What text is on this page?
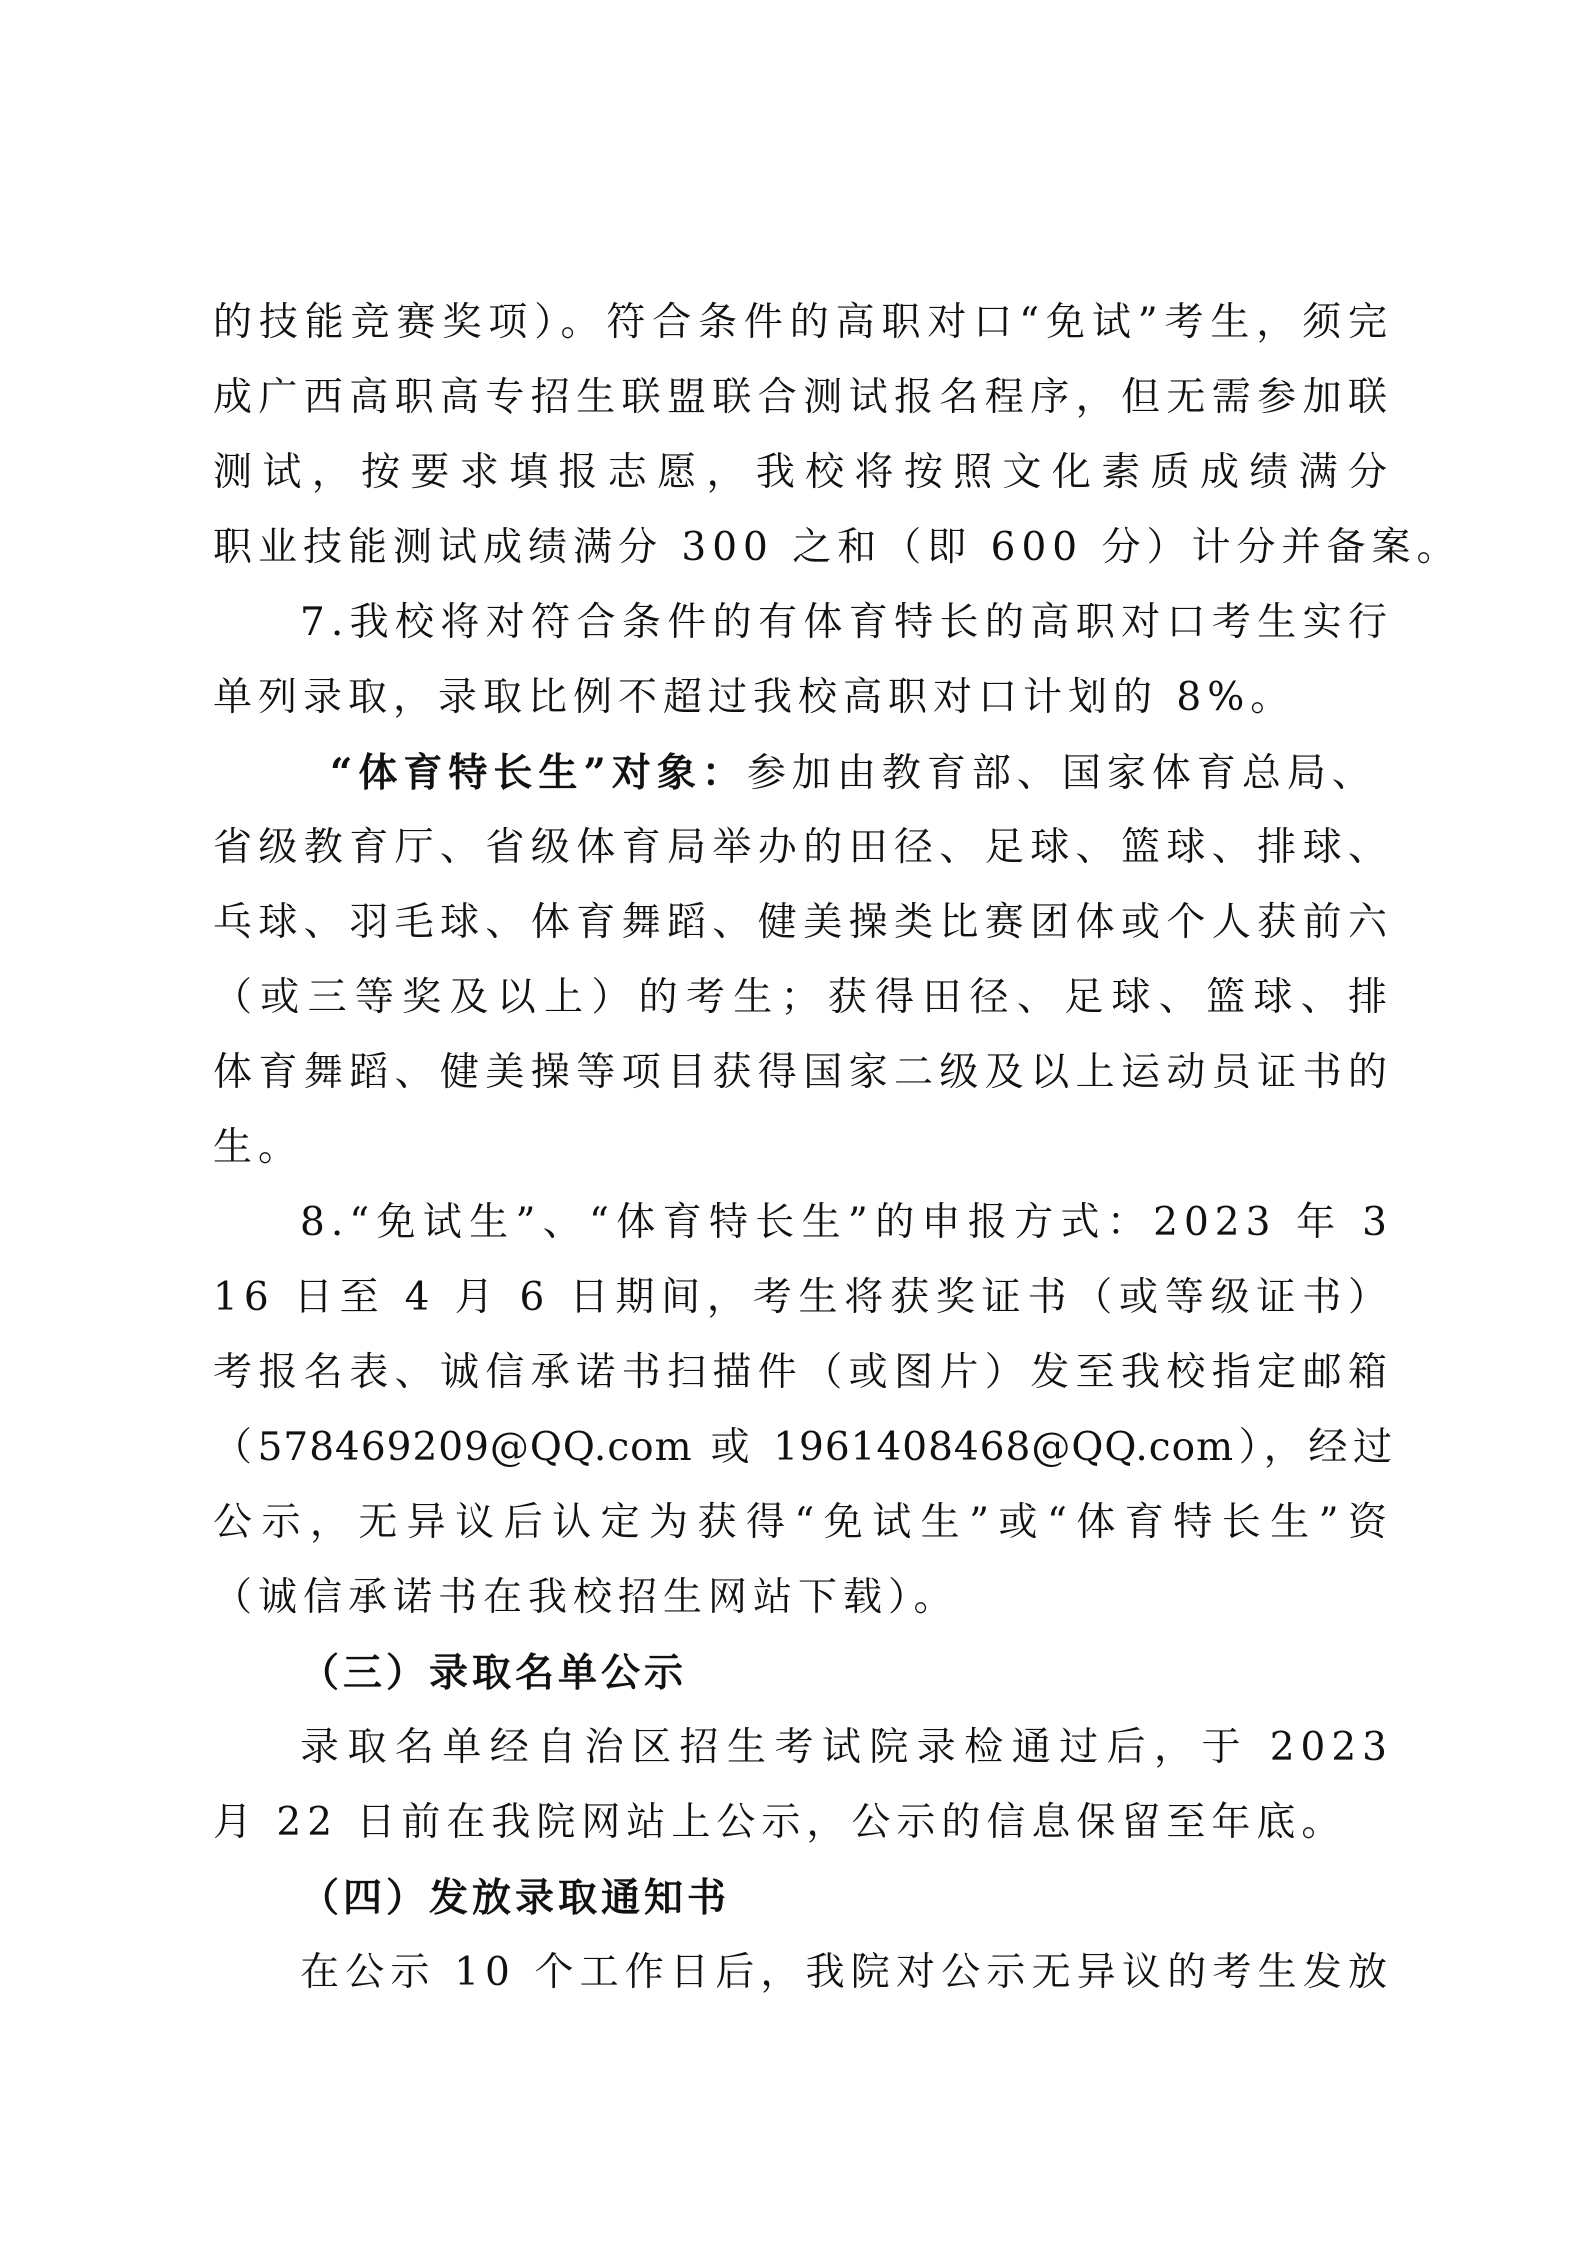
的技能竞赛奖项）。符合条件的高职对口“免试”考生，须完
成广西高职高专招生联盟联合测试报名程序，但无需参加联
测试，按要求填报志愿，我校将按照文化素质成绩满分
职业技能测试成绩满分 300 之和（即 600 分）计分并备案。
7.我校将对符合条件的有体育特长的高职对口考生实行
单列录取，录取比例不超过我校高职对口计划的 8%。
“体育特长生”对象：参加由教育部、国家体育总局、
省级教育厅、省级体育局举办的田径、足球、篮球、排球、
乓球、羽毛球、体育舞蹈、健美操类比赛团体或个人获前六
（或三等奖及以上）的考生；获得田径、足球、篮球、排
体育舞蹈、健美操等项目获得国家二级及以上运动员证书的
生。
8.“免试生”、“体育特长生”的申报方式：2023 年 3
16 日至 4 月 6 日期间，考生将获奖证书（或等级证书）
考报名表、诚信承诺书扫描件（或图片）发至我校指定邮箱
（578469209@QQ.com 或 1961408468@QQ.com），经过
公示，无异议后认定为获得“免试生”或“体育特长生”资
（诚信承诺书在我校招生网站下载）。
（三）录取名单公示
录取名单经自治区招生考试院录检通过后，于 2023
月 22 日前在我院网站上公示，公示的信息保留至年底。
（四）发放录取通知书
在公示 10 个工作日后，我院对公示无异议的考生发放
